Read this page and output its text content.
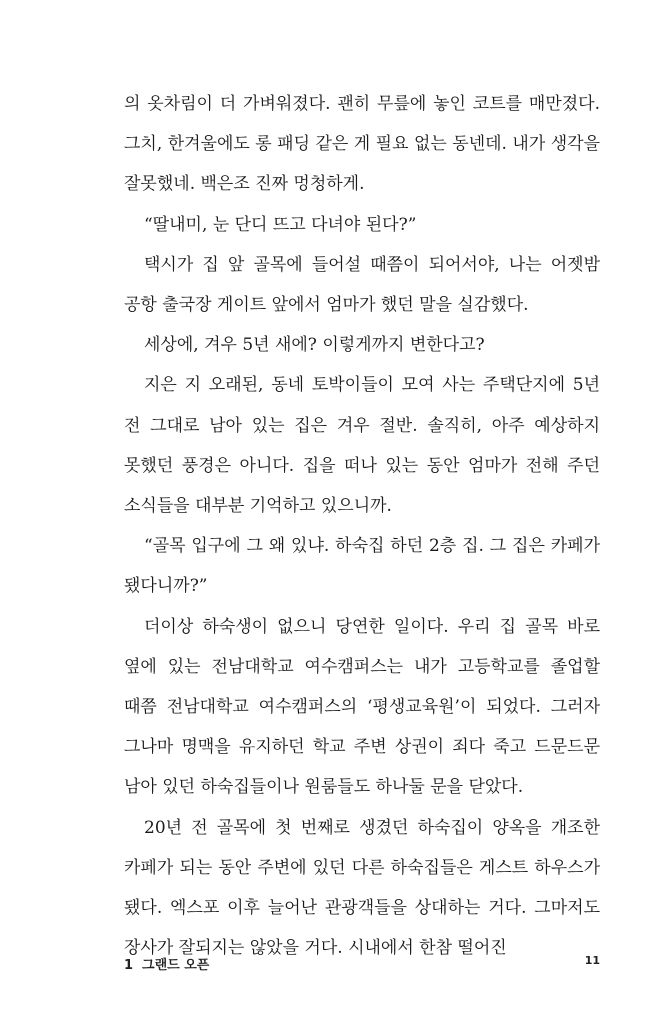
의 옷차림이 더 가벼워졌다. 괜히 무릎에 놓인 코트를 매만졌다. 그치, 한겨울에도 롱 패딩 같은 게 필요 없는 동넨데. 내가 생각을 잘못했네. 백은조 진짜 멍청하게.

“딸내미, 눈 단디 뜨고 다녀야 된다?”

택시가 집 앞 골목에 들어설 때쯤이 되어서야, 나는 어젯밤 공항 출국장 게이트 앞에서 엄마가 했던 말을 실감했다.

세상에, 겨우 5년 새에? 이렇게까지 변한다고?

지은 지 오래된, 동네 토박이들이 모여 사는 주택단지에 5년 전 그대로 남아 있는 집은 겨우 절반. 솔직히, 아주 예상하지 못했던 풍경은 아니다. 집을 떠나 있는 동안 엄마가 전해 주던 소식들을 대부분 기억하고 있으니까.

“골목 입구에 그 왜 있냐. 하숙집 하던 2층 집. 그 집은 카페가 됐다니까?”

더이상 하숙생이 없으니 당연한 일이다. 우리 집 골목 바로 옆에 있는 전남대학교 여수캠퍼스는 내가 고등학교를 졸업할 때쯤 전남대학교 여수캠퍼스의 ‘평생교육원’이 되었다. 그러자 그나마 명맥을 유지하던 학교 주변 상권이 죄다 죽고 드문드문 남아 있던 하숙집들이나 원룸들도 하나둘 문을 닫았다.

20년 전 골목에 첫 번째로 생겼던 하숙집이 양옥을 개조한 카페가 되는 동안 주변에 있던 다른 하숙집들은 게스트 하우스가 됐다. 엑스포 이후 늘어난 관광객들을 상대하는 거다. 그마저도 장사가 잘되지는 않았을 거다. 시내에서 한참 떨어진

1 그랜드 오픈	11
